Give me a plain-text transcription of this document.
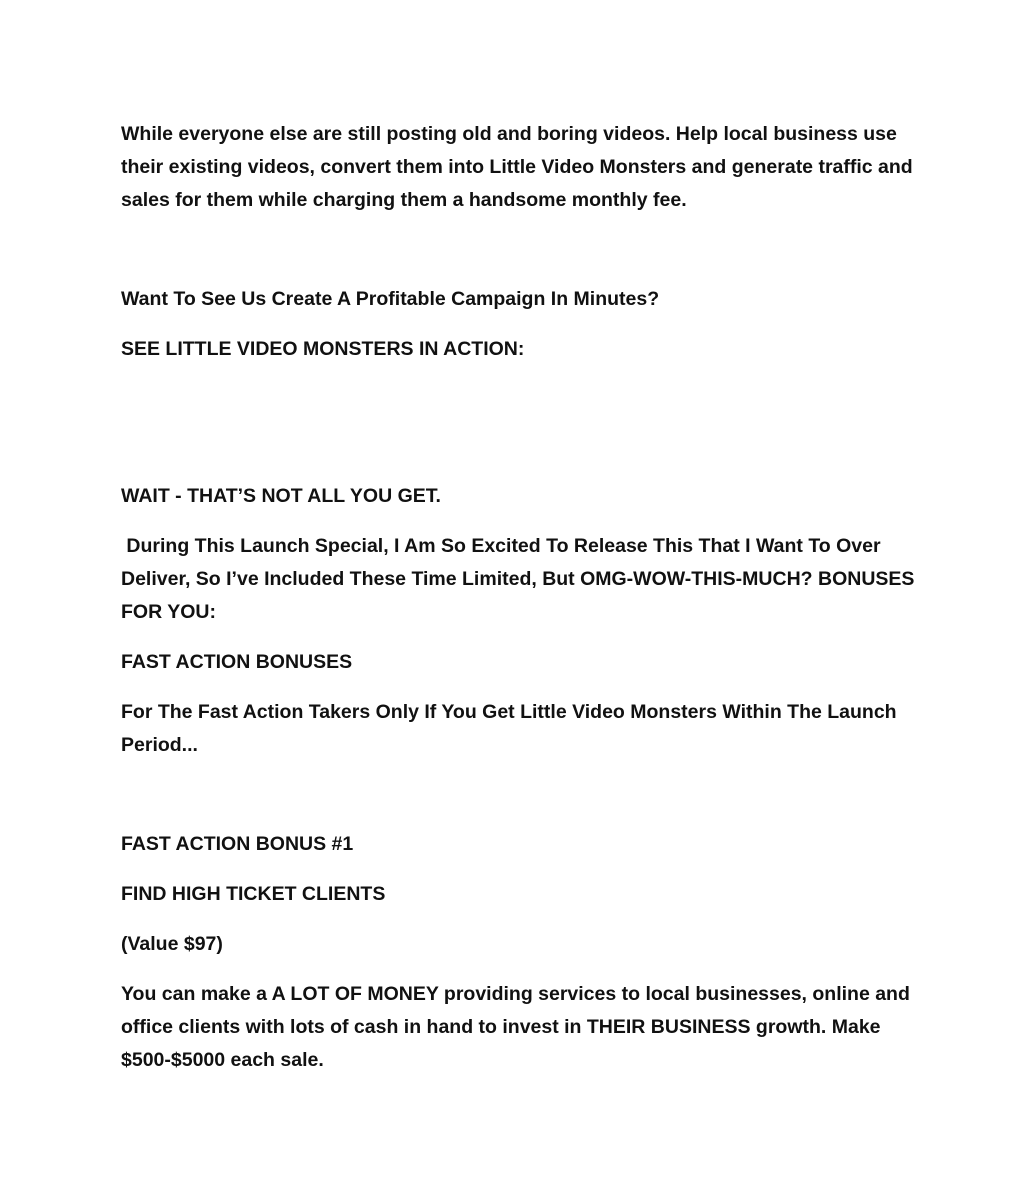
While everyone else are still posting old and boring videos. Help local business use their existing videos, convert them into Little Video Monsters and generate traffic and sales for them while charging them a handsome monthly fee.

Want To See Us Create A Profitable Campaign In Minutes?

SEE LITTLE VIDEO MONSTERS IN ACTION:

WAIT - THAT’S NOT ALL YOU GET.

During This Launch Special, I Am So Excited To Release This That I Want To Over Deliver, So I’ve Included These Time Limited, But OMG-WOW-THIS-MUCH? BONUSES FOR YOU:

FAST ACTION BONUSES

For The Fast Action Takers Only If You Get Little Video Monsters Within The Launch Period...

FAST ACTION BONUS #1

FIND HIGH TICKET CLIENTS

(Value $97)

You can make a A LOT OF MONEY providing services to local businesses, online and office clients with lots of cash in hand to invest in THEIR BUSINESS growth. Make $500-$5000 each sale.
